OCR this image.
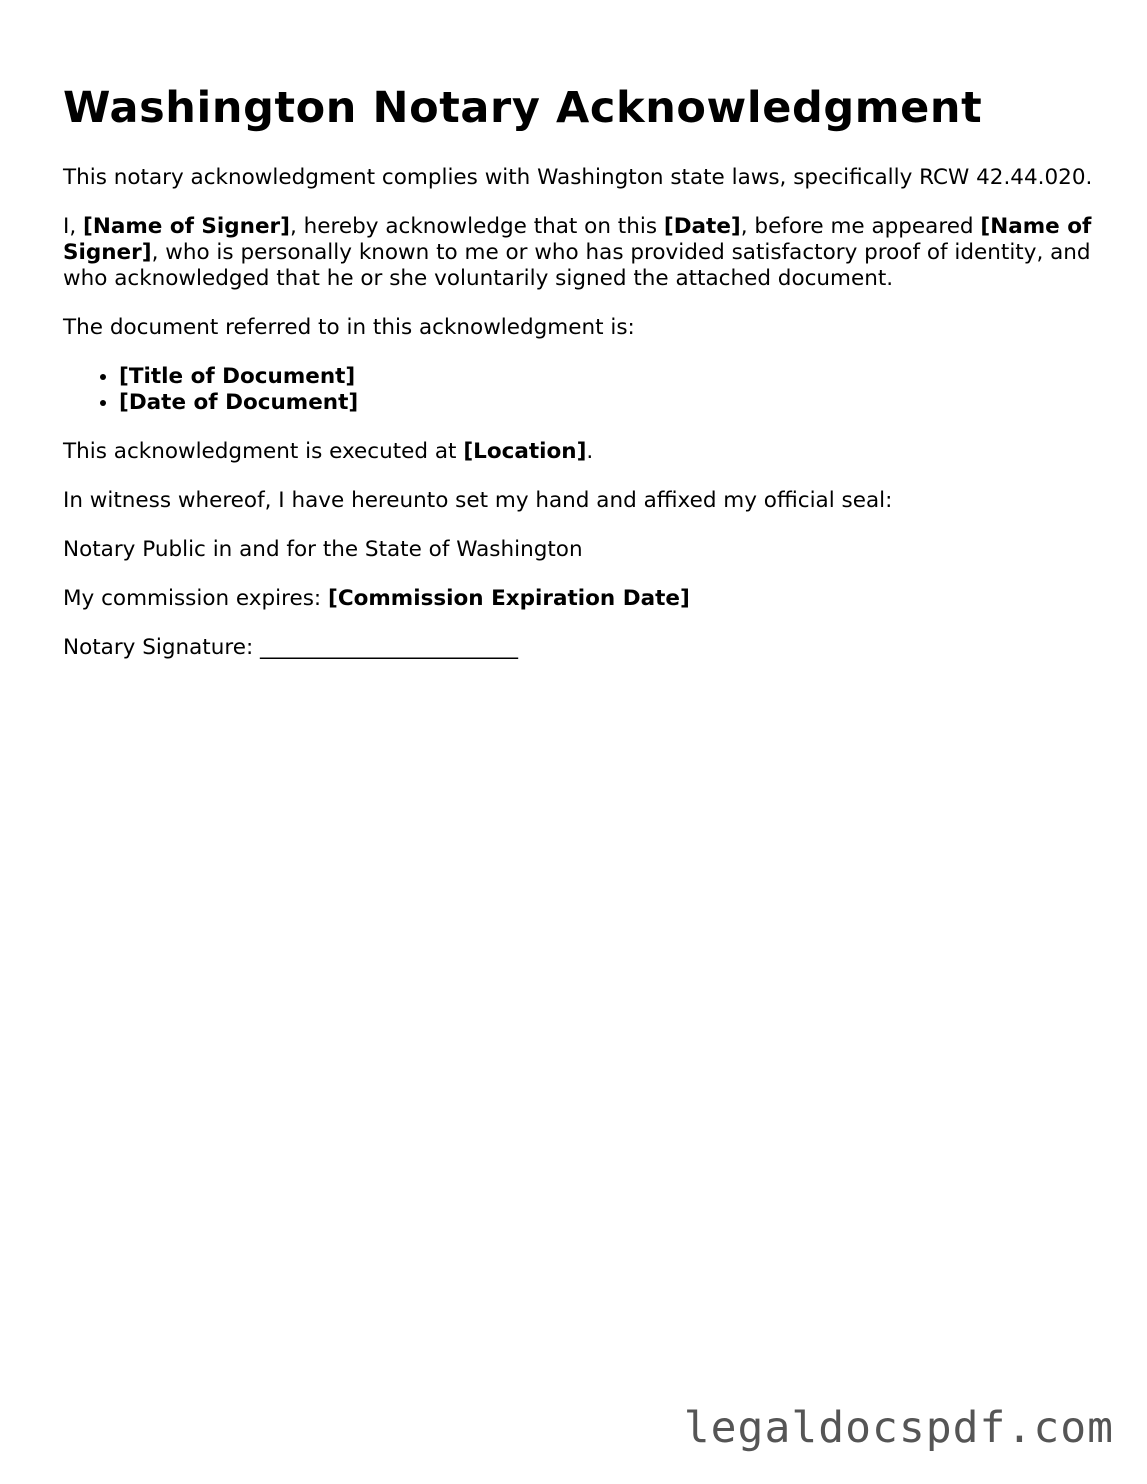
Washington Notary Acknowledgment

This notary acknowledgment complies with Washington state laws, specifically RCW 42.44.020.

I, [Name of Signer], hereby acknowledge that on this [Date], before me appeared [Name of Signer], who is personally known to me or who has provided satisfactory proof of identity, and who acknowledged that he or she voluntarily signed the attached document.

The document referred to in this acknowledgment is:

• [Title of Document]
• [Date of Document]

This acknowledgment is executed at [Location].

In witness whereof, I have hereunto set my hand and affixed my official seal:

Notary Public in and for the State of Washington

My commission expires: [Commission Expiration Date]

Notary Signature: ________________________

legaldocspdf.com
